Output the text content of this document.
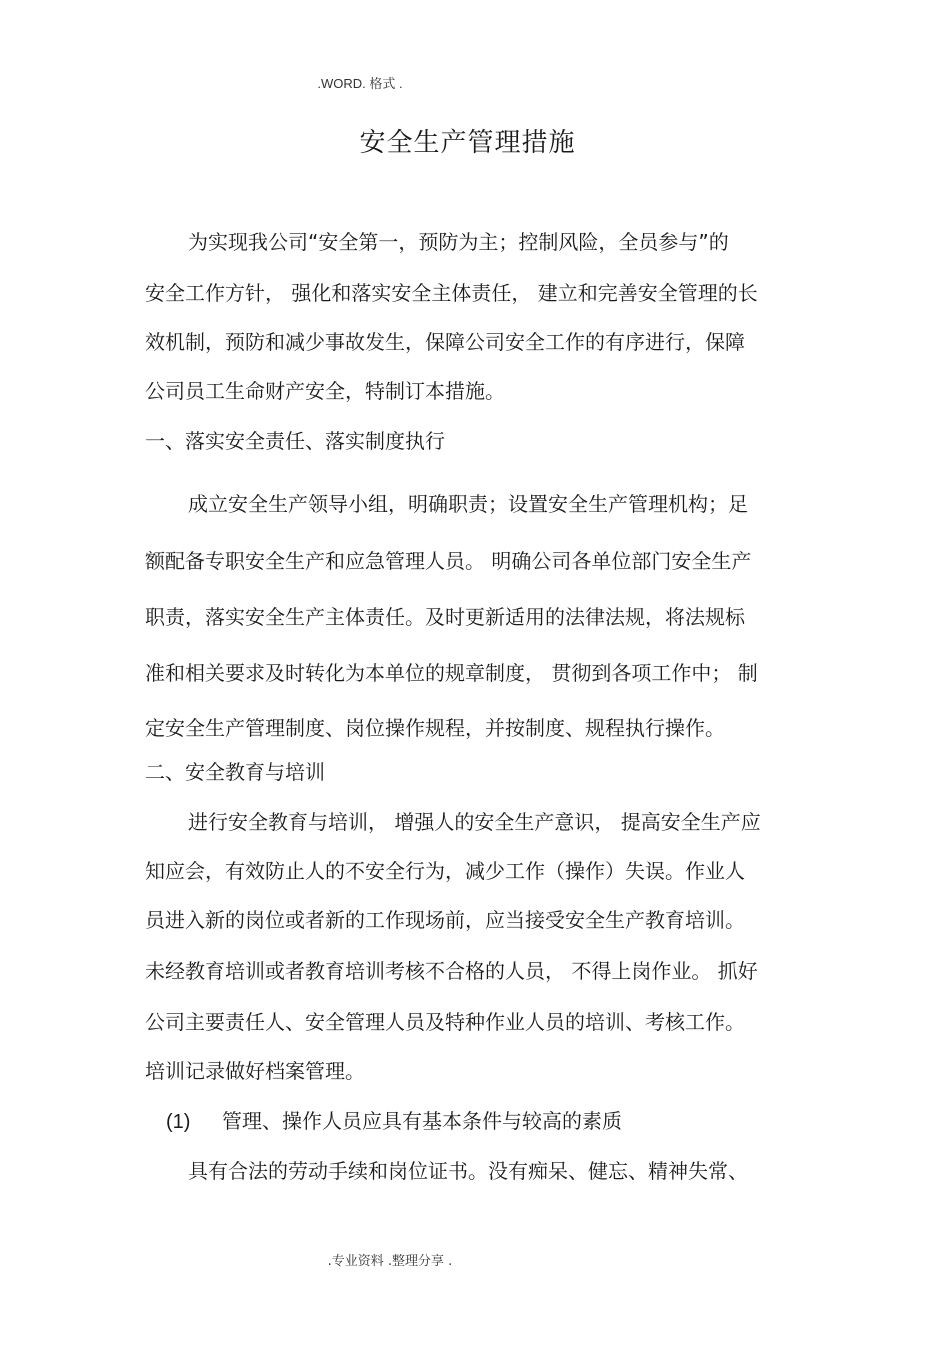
.WORD. 格式 .
安全生产管理措施
为实现我公司“安全第一，预防为主；控制风险，全员参与”的
安全工作方针， 强化和落实安全主体责任， 建立和完善安全管理的长
效机制，预防和减少事故发生，保障公司安全工作的有序进行，保障
公司员工生命财产安全，特制订本措施。
一、落实安全责任、落实制度执行
成立安全生产领导小组，明确职责；设置安全生产管理机构；足
额配备专职安全生产和应急管理人员。 明确公司各单位部门安全生产
职责，落实安全生产主体责任。及时更新适用的法律法规，将法规标
准和相关要求及时转化为本单位的规章制度， 贯彻到各项工作中； 制
定安全生产管理制度、岗位操作规程，并按制度、规程执行操作。
二、安全教育与培训
进行安全教育与培训， 增强人的安全生产意识， 提高安全生产应
知应会，有效防止人的不安全行为，减少工作（操作）失误。作业人
员进入新的岗位或者新的工作现场前，应当接受安全生产教育培训。
未经教育培训或者教育培训考核不合格的人员， 不得上岗作业。 抓好
公司主要责任人、安全管理人员及特种作业人员的培训、考核工作。
培训记录做好档案管理。
(1) 管理、操作人员应具有基本条件与较高的素质
具有合法的劳动手续和岗位证书。没有痴呆、健忘、精神失常、
.专业资料 .整理分享 .
